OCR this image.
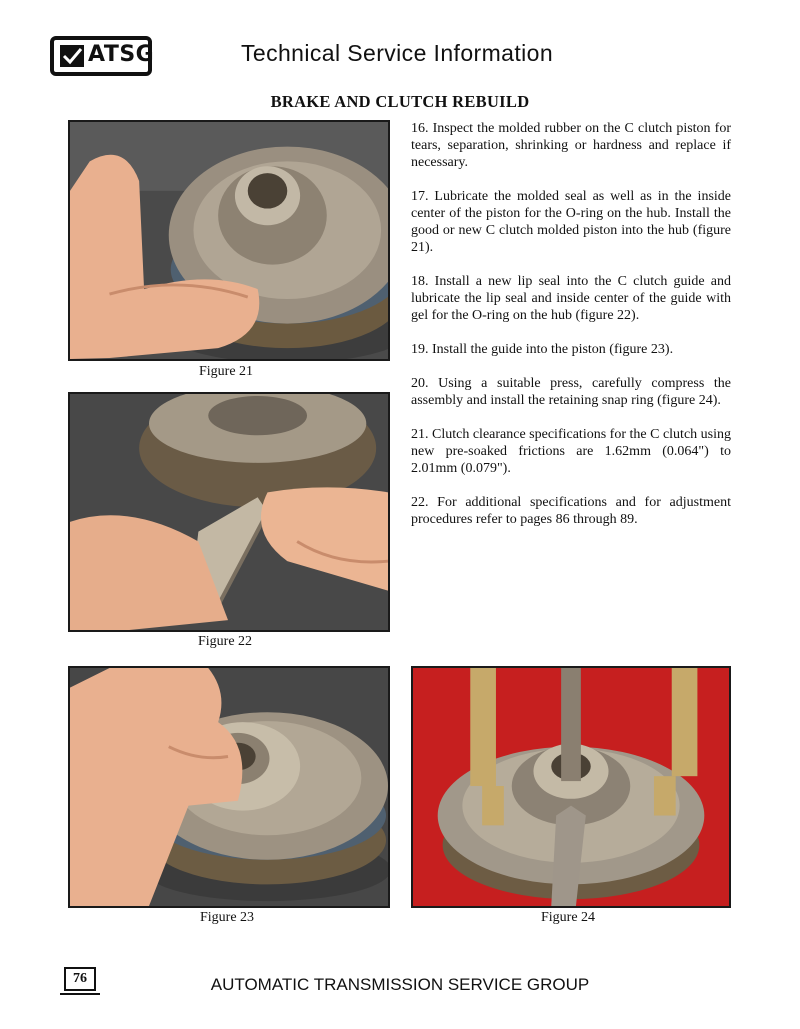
ATSG	Technical Service Information
BRAKE AND CLUTCH REBUILD
Figure 21
Figure 22
Figure 23	Figure 24

16. Inspect the molded rubber on the C clutch piston for tears, separation, shrinking or hardness and replace if necessary.

17. Lubricate the molded seal as well as in the inside center of the piston for the O-ring on the hub. Install the good or new C clutch molded piston into the hub (figure 21).

18. Install a new lip seal into the C clutch guide and lubricate the lip seal and inside center of the guide with gel for the O-ring on the hub (figure 22).

19. Install the guide into the piston (figure 23).

20. Using a suitable press, carefully compress the assembly and install the retaining snap ring (figure 24).

21. Clutch clearance specifications for the C clutch using new pre-soaked frictions are 1.62mm (0.064") to 2.01mm (0.079").

22. For additional specifications and for adjustment procedures refer to pages 86 through 89.

76	AUTOMATIC TRANSMISSION SERVICE GROUP
